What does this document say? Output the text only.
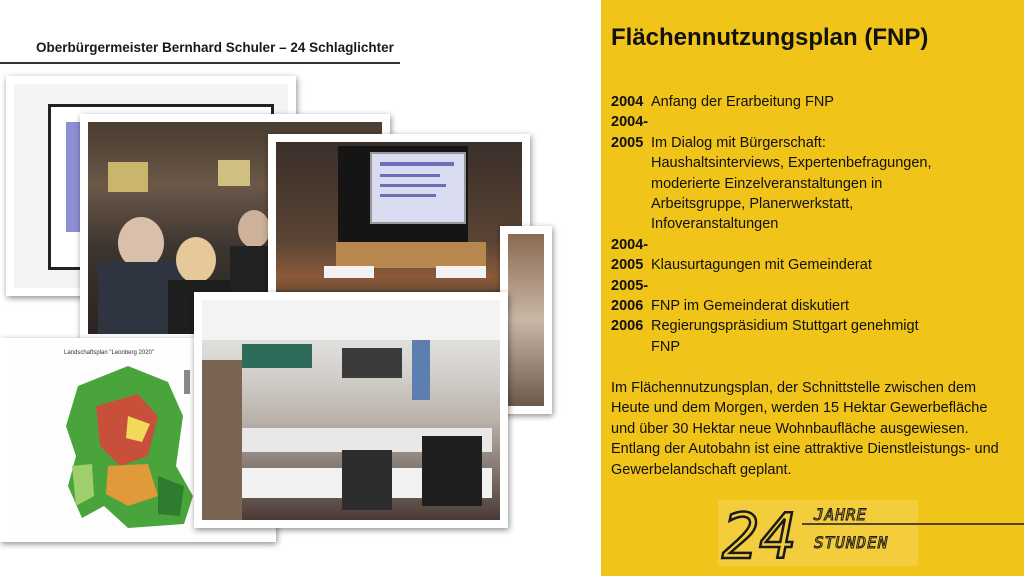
Oberbürgermeister Bernhard Schuler – 24 Schlaglichter
Landschaftsplan "Leonberg 2020"
Flächennutzungsplan (FNP)
2004 Anfang der Erarbeitung FNP
2004-
2005 Im Dialog mit Bürgerschaft:
Haushaltsinterviews, Expertenbefragungen,
moderierte Einzelveranstaltungen in
Arbeitsgruppe, Planerwerkstatt,
Infoveranstaltungen
2004-
2005 Klausurtagungen mit Gemeinderat
2005-
2006 FNP im Gemeinderat diskutiert
2006 Regierungspräsidium Stuttgart genehmigt
FNP

Im Flächennutzungsplan, der Schnittstelle zwischen dem Heute und dem Morgen, werden 15 Hektar Gewerbefläche und über 30 Hektar neue Wohnbaufläche ausgewiesen. Entlang der Autobahn ist eine attraktive Dienstleistungs- und Gewerbelandschaft geplant.

24 JAHRE
STUNDEN
